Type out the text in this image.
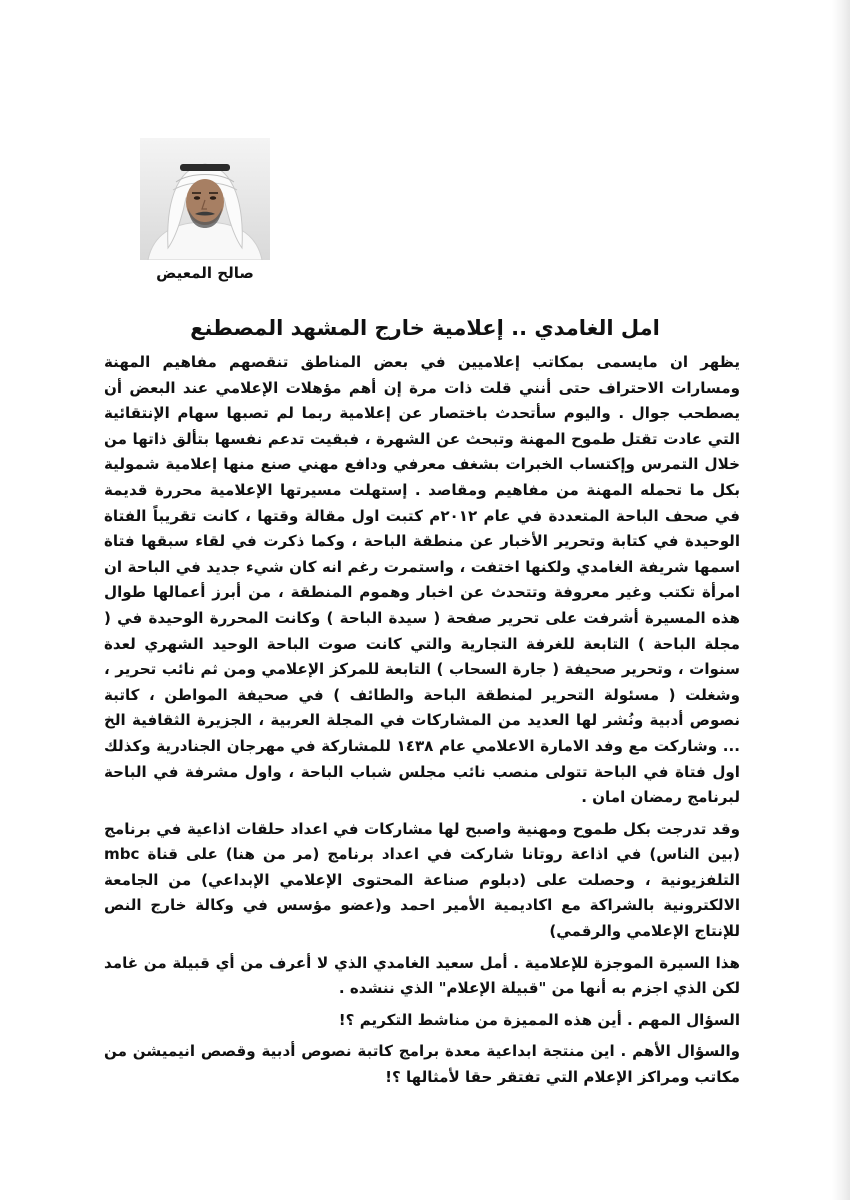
صالح المعيض
امل الغامدي .. إعلامية خارج المشهد المصطنع

يظهر ان مايسمى بمكاتب إعلاميين في بعض المناطق تنقصهم مفاهيم المهنة ومسارات الاحتراف حتى أنني قلت ذات مرة إن أهم مؤهلات الإعلامي عند البعض أن يصطحب جوال . واليوم سأتحدث باختصار عن إعلامية ربما لم تصبها سهام الإنتقائية التي عادت تقتل طموح المهنة وتبحث عن الشهرة ، فبقيت تدعم نفسها بتألق ذاتها من خلال التمرس وإكتساب الخبرات بشغف معرفي ودافع مهني صنع منها إعلامية شمولية بكل ما تحمله المهنة من مفاهيم ومقاصد . إستهلت مسيرتها الإعلامية محررة قديمة في صحف الباحة المتعددة في عام ٢٠١٢م كتبت اول مقالة وقتها ، كانت تقريباً الفتاة الوحيدة في كتابة وتحرير الأخبار عن منطقة الباحة ، وكما ذكرت في لقاء سبقها فتاة اسمها شريفة الغامدي ولكنها اختفت ، واستمرت رغم انه كان شيء جديد في الباحة ان امرأة تكتب وغير معروفة وتتحدث عن اخبار وهموم المنطقة ، من أبرز أعمالها طوال هذه المسيرة أشرفت على تحرير صفحة ( سيدة الباحة ) وكانت المحررة الوحيدة في ( مجلة الباحة ) التابعة للغرفة التجارية والتي كانت صوت الباحة الوحيد الشهري لعدة سنوات ، وتحرير صحيفة ( جارة السحاب ) التابعة للمركز الإعلامي ومن ثم نائب تحرير ، وشغلت ( مسئولة التحرير لمنطقة الباحة والطائف ) في صحيفة المواطن ، كاتبة نصوص أدبية ونُشر لها العديد من المشاركات في المجلة العربية ، الجزيرة الثقافية الخ ... وشاركت مع وفد الامارة الاعلامي عام ١٤٣٨ للمشاركة في مهرجان الجنادرية وكذلك اول فتاة في الباحة تتولى منصب نائب مجلس شباب الباحة ، واول مشرفة في الباحة لبرنامج رمضان امان .

وقد تدرجت بكل طموح ومهنية واصبح لها مشاركات في اعداد حلقات اذاعية في برنامج (بين الناس) في اذاعة روتانا شاركت في اعداد برنامج (مر من هنا) على قناة mbc التلفزيونية ، وحصلت على (دبلوم صناعة المحتوى الإعلامي الإبداعي) من الجامعة الالكترونية بالشراكة مع اكاديمية الأمير احمد و(عضو مؤسس في وكالة خارج النص للإنتاج الإعلامي والرقمي)

هذا السيرة الموجزة للإعلامية . أمل سعيد الغامدي الذي لا أعرف من أي قبيلة من غامد لكن الذي اجزم به أنها من "قبيلة الإعلام" الذي ننشده .

السؤال المهم . أين هذه المميزة من مناشط التكريم ؟!

والسؤال الأهم . اين منتجة ابداعية معدة برامج كاتبة نصوص أدبية وقصص انيميشن من مكاتب ومراكز الإعلام التي تفتقر حقا لأمثالها ؟!
